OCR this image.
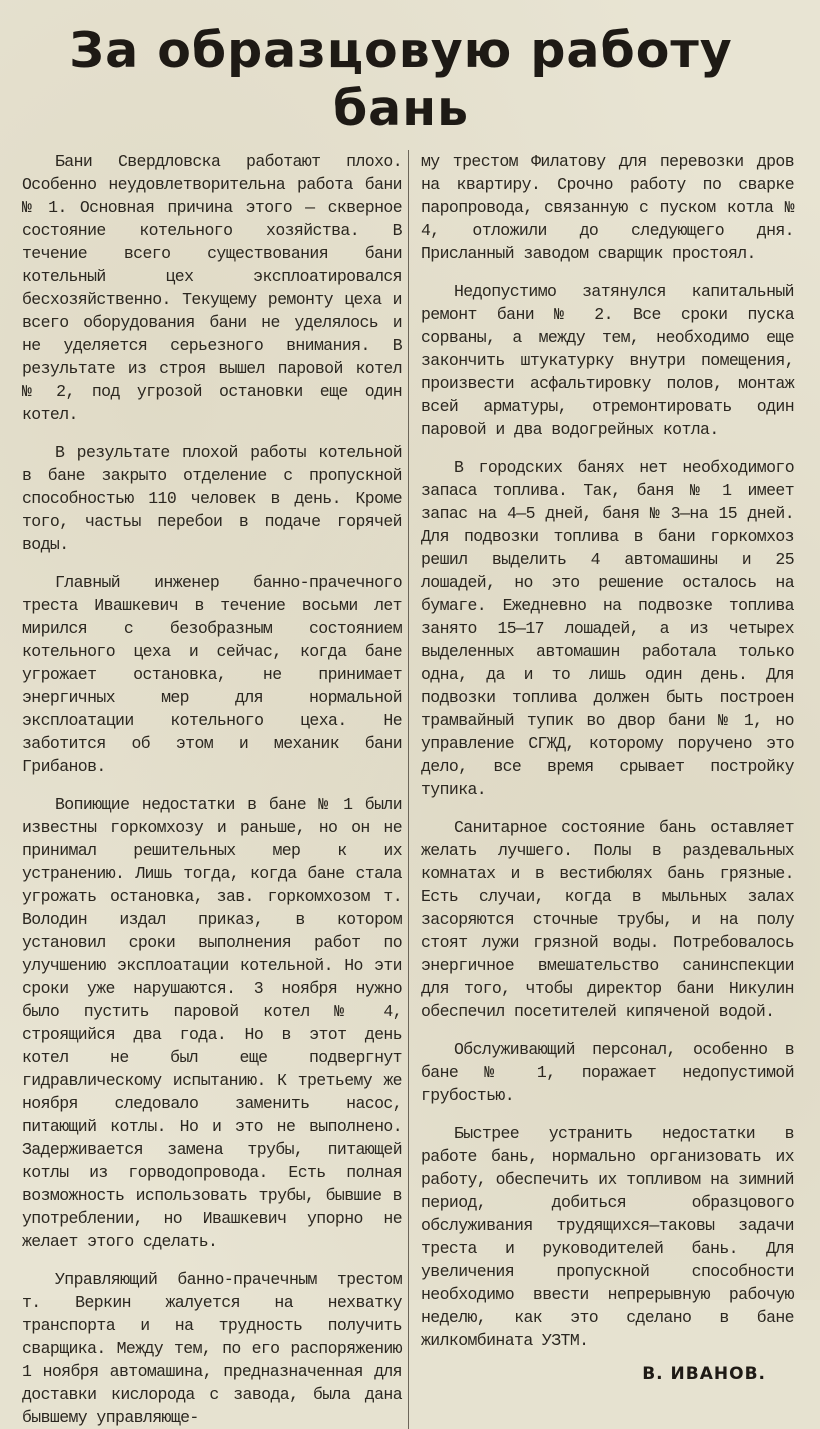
За образцовую работу бань

Бани Свердловска работают плохо. Особенно неудовлетворительна работа бани № 1. Основная причина этого — скверное состояние котельного хозяйства. В течение всего существования бани котельный цех эксплоатировался бесхозяйственно. Текущему ремонту цеха и всего оборудования бани не уделялось и не уделяется серьезного внимания. В результате из строя вышел паровой котел № 2, под угрозой остановки еще один котел.

В результате плохой работы котельной в бане закрыто отделение с пропускной способностью 110 человек в день. Кроме того, частьы перебои в подаче горячей воды.

Главный инженер банно-прачечного треста Ивашкевич в течение восьми лет мирился с безобразным состоянием котельного цеха и сейчас, когда бане угрожает остановка, не принимает энергичных мер для нормальной эксплоатации котельного цеха. Не заботится об этом и механик бани Грибанов.

Вопиющие недостатки в бане № 1 были известны горкомхозу и раньше, но он не принимал решительных мер к их устранению. Лишь тогда, когда бане стала угрожать остановка, зав. горкомхозом т. Володин издал приказ, в котором установил сроки выполнения работ по улучшению эксплоатации котельной. Но эти сроки уже нарушаются. 3 ноября нужно было пустить паровой котел № 4, строящийся два года. Но в этот день котел не был еще подвергнут гидравлическому испытанию. К третьему же ноября следовало заменить насос, питающий котлы. Но и это не выполнено. Задерживается замена трубы, питающей котлы из горводопровода. Есть полная возможность использовать трубы, бывшие в употреблении, но Ивашкевич упорно не желает этого сделать.

Управляющий банно-прачечным трестом т. Веркин жалуется на нехватку транспорта и на трудность получить сварщика. Между тем, по его распоряжению 1 ноября автомашина, предназначенная для доставки кислорода с завода, была дана бывшему управляюще-

му трестом Филатову для перевозки дров на квартиру. Срочно работу по сварке паропровода, связанную с пуском котла № 4, отложили до следующего дня. Присланный заводом сварщик простоял.

Недопустимо затянулся капитальный ремонт бани № 2. Все сроки пуска сорваны, а между тем, необходимо еще закончить штукатурку внутри помещения, произвести асфальтировку полов, монтаж всей арматуры, отремонтировать один паровой и два водогрейных котла.

В городских банях нет необходимого запаса топлива. Так, баня № 1 имеет запас на 4—5 дней, баня № 3—на 15 дней. Для подвозки топлива в бани горкомхоз решил выделить 4 автомашины и 25 лошадей, но это решение осталось на бумаге. Ежедневно на подвозке топлива занято 15—17 лошадей, а из четырех выделенных автомашин работала только одна, да и то лишь один день. Для подвозки топлива должен быть построен трамвайный тупик во двор бани № 1, но управление СГЖД, которому поручено это дело, все время срывает постройку тупика.

Санитарное состояние бань оставляет желать лучшего. Полы в раздевальных комнатах и в вестибюлях бань грязные. Есть случаи, когда в мыльных залах засоряются сточные трубы, и на полу стоят лужи грязной воды. Потребовалось энергичное вмешательство санинспекции для того, чтобы директор бани Никулин обеспечил посетителей кипяченой водой.

Обслуживающий персонал, особенно в бане № 1, поражает недопустимой грубостью.

Быстрее устранить недостатки в работе бань, нормально организовать их работу, обеспечить их топливом на зимний период, добиться образцового обслуживания трудящихся—таковы задачи треста и руководителей бань. Для увеличения пропускной способности необходимо ввести непрерывную рабочую неделю, как это сделано в бане жилкомбината УЗТМ.

В. ИВАНОВ.
